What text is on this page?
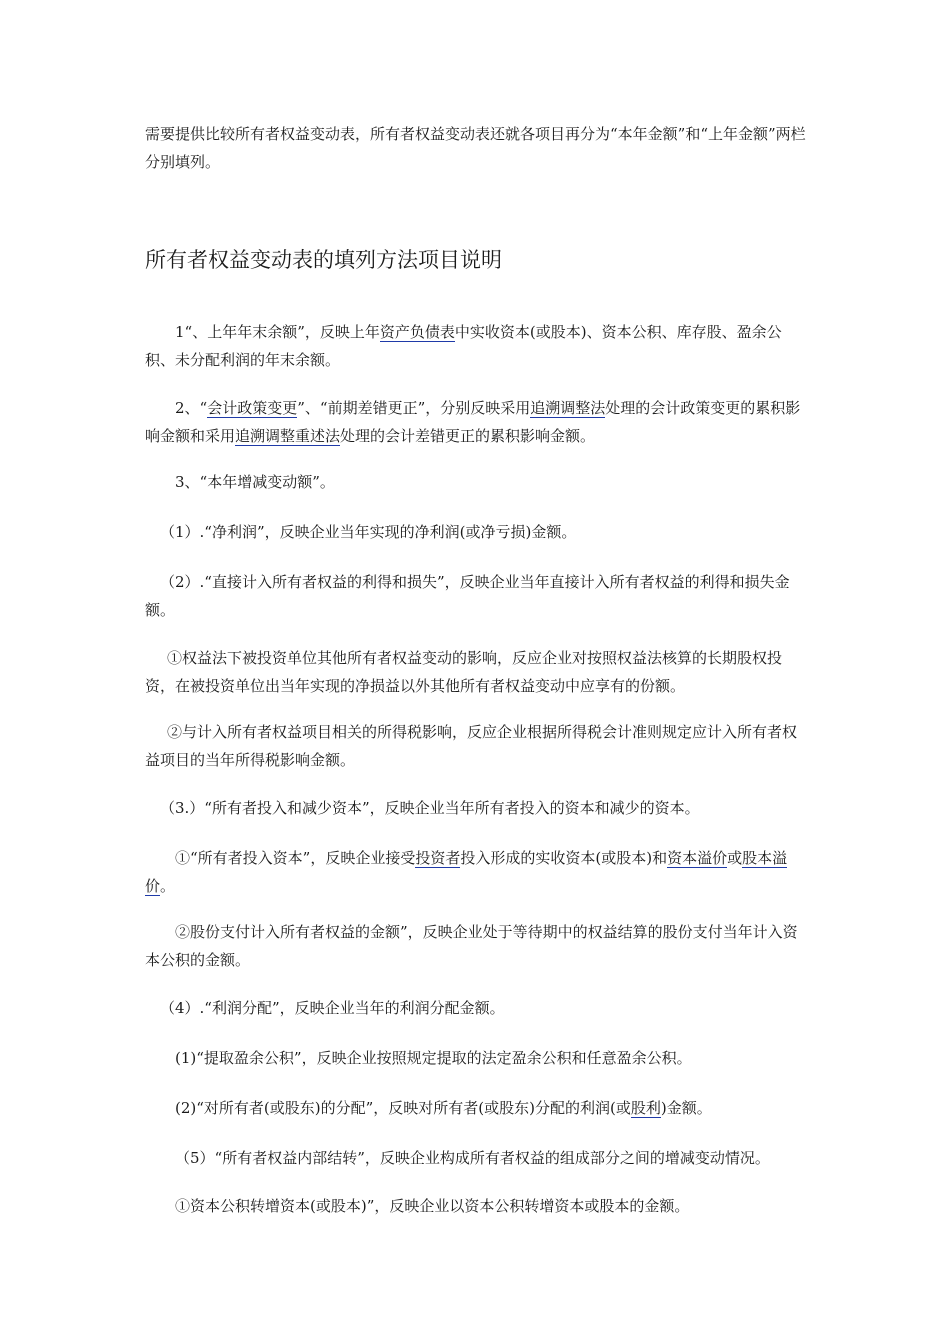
需要提供比较所有者权益变动表，所有者权益变动表还就各项目再分为“本年金额”和“上年金额”两栏分别填列。

所有者权益变动表的填列方法项目说明

1“、上年年末余额”，反映上年资产负债表中实收资本(或股本)、资本公积、库存股、盈余公积、未分配利润的年末余额。

2、“会计政策变更”、“前期差错更正”，分别反映采用追溯调整法处理的会计政策变更的累积影响金额和采用追溯调整重述法处理的会计差错更正的累积影响金额。

3、“本年增减变动额”。

（1）.“净利润”，反映企业当年实现的净利润(或净亏损)金额。

（2）.“直接计入所有者权益的利得和损失”，反映企业当年直接计入所有者权益的利得和损失金额。

①权益法下被投资单位其他所有者权益变动的影响，反应企业对按照权益法核算的长期股权投资，在被投资单位出当年实现的净损益以外其他所有者权益变动中应享有的份额。

②与计入所有者权益项目相关的所得税影响，反应企业根据所得税会计准则规定应计入所有者权益项目的当年所得税影响金额。

（3.）“所有者投入和减少资本”，反映企业当年所有者投入的资本和减少的资本。

①“所有者投入资本”，反映企业接受投资者投入形成的实收资本(或股本)和资本溢价或股本溢价。

②股份支付计入所有者权益的金额”，反映企业处于等待期中的权益结算的股份支付当年计入资本公积的金额。

（4）.“利润分配”，反映企业当年的利润分配金额。

(1)“提取盈余公积”，反映企业按照规定提取的法定盈余公积和任意盈余公积。

(2)“对所有者(或股东)的分配”，反映对所有者(或股东)分配的利润(或股利)金额。

（5）“所有者权益内部结转”，反映企业构成所有者权益的组成部分之间的增减变动情况。

①资本公积转增资本(或股本)”，反映企业以资本公积转增资本或股本的金额。
